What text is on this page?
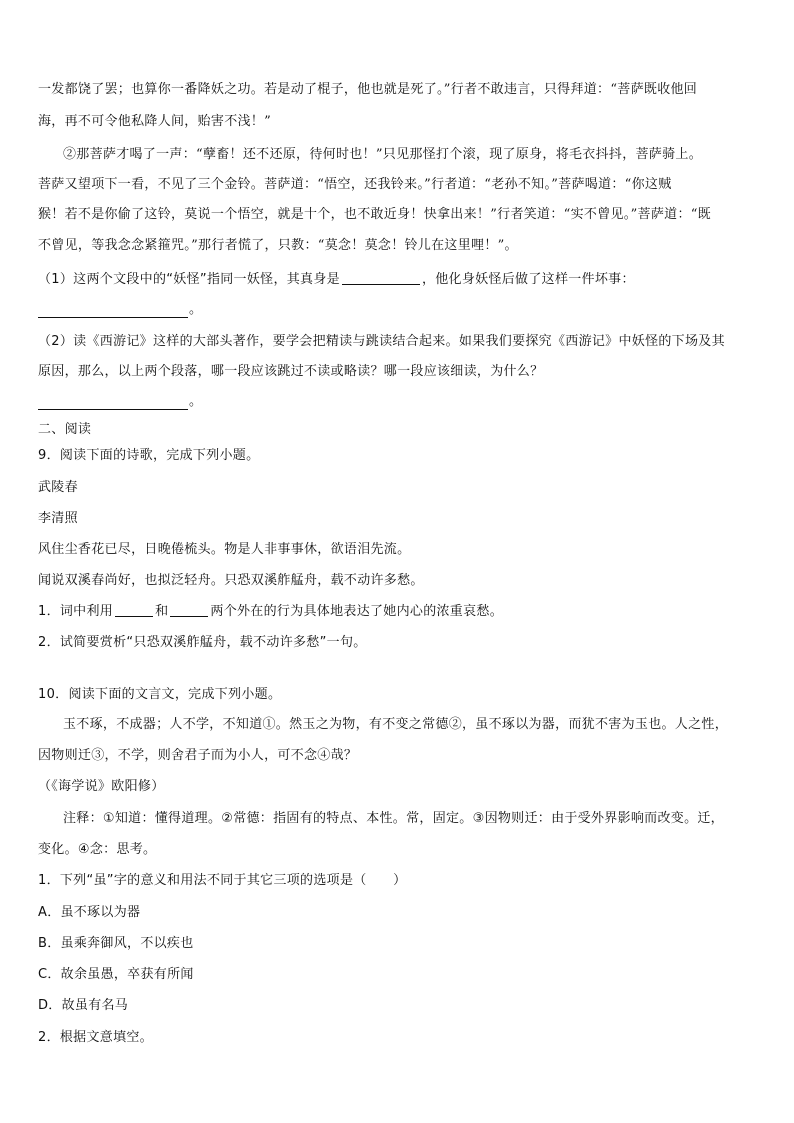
一发都饶了罢；也算你一番降妖之功。若是动了棍子，他也就是死了。”行者不敢违言，只得拜道：“菩萨既收他回
海，再不可令他私降人间，贻害不浅！”
②那菩萨才喝了一声：“孽畜！还不还原，待何时也！”只见那怪打个滚，现了原身，将毛衣抖抖，菩萨骑上。
菩萨又望项下一看，不见了三个金铃。菩萨道：“悟空，还我铃来。”行者道：“老孙不知。”菩萨喝道：“你这贼
猴！若不是你偷了这铃，莫说一个悟空，就是十个，也不敢近身！快拿出来！”行者笑道：“实不曾见。”菩萨道：“既
不曾见，等我念念紧箍咒。”那行者慌了，只教：“莫念！莫念！铃儿在这里哩！”。
（1）这两个文段中的“妖怪”指同一妖怪，其真身是	，他化身妖怪后做了这样一件坏事：
。
（2）读《西游记》这样的大部头著作，要学会把精读与跳读结合起来。如果我们要探究《西游记》中妖怪的下场及其
原因，那么，以上两个段落，哪一段应该跳过不读或略读？哪一段应该细读，为什么？
。
二、阅读
9．阅读下面的诗歌，完成下列小题。
武陵春
李清照
风住尘香花已尽，日晚倦梳头。物是人非事事休，欲语泪先流。
闻说双溪春尚好，也拟泛轻舟。只恐双溪舴艋舟，载不动许多愁。
1．词中利用	和	两个外在的行为具体地表达了她内心的浓重哀愁。
2．试简要赏析“只恐双溪舴艋舟，载不动许多愁”一句。
10．阅读下面的文言文，完成下列小题。
玉不琢，不成器；人不学，不知道①。然玉之为物，有不变之常德②，虽不琢以为器，而犹不害为玉也。人之性，
因物则迁③，不学，则舍君子而为小人，可不念④哉？
（《诲学说》欧阳修）
注释：①知道：懂得道理。②常德：指固有的特点、本性。常，固定。③因物则迁：由于受外界影响而改变。迁，
变化。④念：思考。
1．下列“虽”字的意义和用法不同于其它三项的选项是（　　）
A．虽不琢以为器
B．虽乘奔御风，不以疾也
C．故余虽愚，卒获有所闻
D．故虽有名马
2．根据文意填空。
